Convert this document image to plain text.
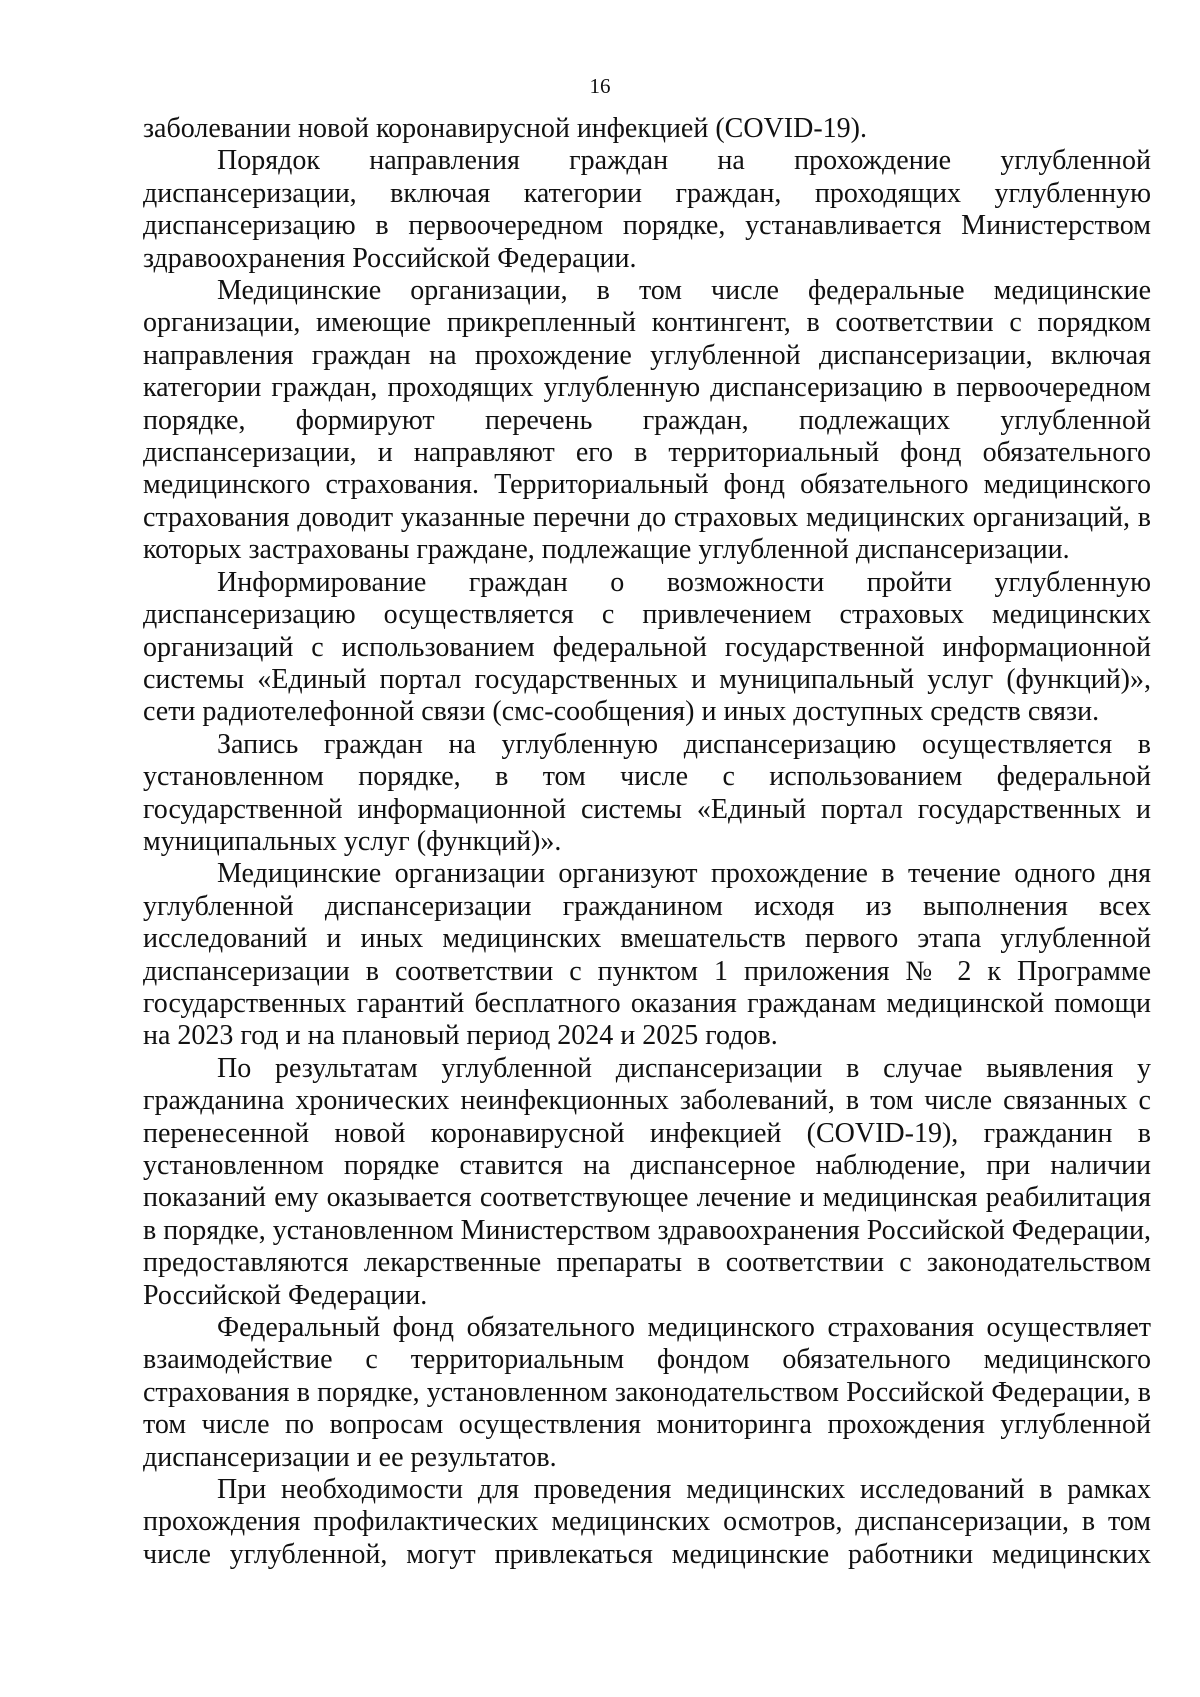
16

заболевании новой коронавирусной инфекцией (COVID-19).

Порядок направления граждан на прохождение углубленной диспансеризации, включая категории граждан, проходящих углубленную диспансеризацию в первоочередном порядке, устанавливается Министерством здравоохранения Российской Федерации.

Медицинские организации, в том числе федеральные медицинские организации, имеющие прикрепленный контингент, в соответствии с порядком направления граждан на прохождение углубленной диспансеризации, включая категории граждан, проходящих углубленную диспансеризацию в первоочередном порядке, формируют перечень граждан, подлежащих углубленной диспансеризации, и направляют его в территориальный фонд обязательного медицинского страхования. Территориальный фонд обязательного медицинского страхования доводит указанные перечни до страховых медицинских организаций, в которых застрахованы граждане, подлежащие углубленной диспансеризации.

Информирование граждан о возможности пройти углубленную диспансеризацию осуществляется с привлечением страховых медицинских организаций с использованием федеральной государственной информационной системы «Единый портал государственных и муниципальный услуг (функций)», сети радиотелефонной связи (смс-сообщения) и иных доступных средств связи.

Запись граждан на углубленную диспансеризацию осуществляется в установленном порядке, в том числе с использованием федеральной государственной информационной системы «Единый портал государственных и муниципальных услуг (функций)».

Медицинские организации организуют прохождение в течение одного дня углубленной диспансеризации гражданином исходя из выполнения всех исследований и иных медицинских вмешательств первого этапа углубленной диспансеризации в соответствии с пунктом 1 приложения № 2 к Программе государственных гарантий бесплатного оказания гражданам медицинской помощи на 2023 год и на плановый период 2024 и 2025 годов.

По результатам углубленной диспансеризации в случае выявления у гражданина хронических неинфекционных заболеваний, в том числе связанных с перенесенной новой коронавирусной инфекцией (COVID-19), гражданин в установленном порядке ставится на диспансерное наблюдение, при наличии показаний ему оказывается соответствующее лечение и медицинская реабилитация в порядке, установленном Министерством здравоохранения Российской Федерации, предоставляются лекарственные препараты в соответствии с законодательством Российской Федерации.

Федеральный фонд обязательного медицинского страхования осуществляет взаимодействие с территориальным фондом обязательного медицинского страхования в порядке, установленном законодательством Российской Федерации, в том числе по вопросам осуществления мониторинга прохождения углубленной диспансеризации и ее результатов.

При необходимости для проведения медицинских исследований в рамках прохождения профилактических медицинских осмотров, диспансеризации, в том числе углубленной, могут привлекаться медицинские работники медицинских
